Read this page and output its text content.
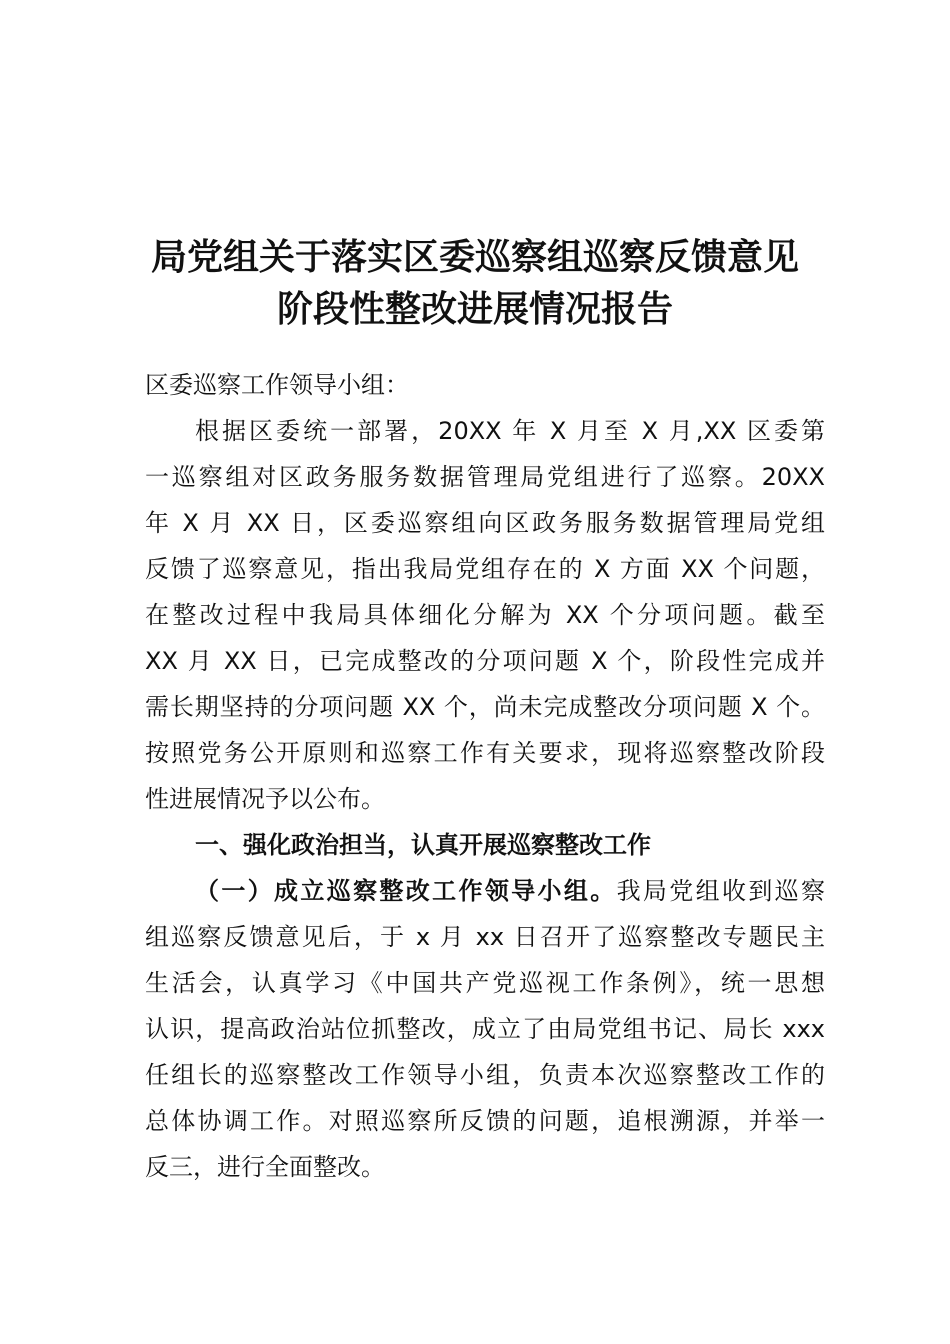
局党组关于落实区委巡察组巡察反馈意见
阶段性整改进展情况报告
区委巡察工作领导小组：
根据区委统一部署，20XX 年 X 月至 X 月,XX 区委第
一巡察组对区政务服务数据管理局党组进行了巡察。20XX
年 X 月 XX 日，区委巡察组向区政务服务数据管理局党组
反馈了巡察意见，指出我局党组存在的 X 方面 XX 个问题，
在整改过程中我局具体细化分解为 XX 个分项问题。截至
XX 月 XX 日，已完成整改的分项问题 X 个，阶段性完成并
需长期坚持的分项问题 XX 个，尚未完成整改分项问题 X 个。
按照党务公开原则和巡察工作有关要求，现将巡察整改阶段
性进展情况予以公布。
一、强化政治担当，认真开展巡察整改工作
（一）成立巡察整改工作领导小组。我局党组收到巡察
组巡察反馈意见后，于 x 月 xx 日召开了巡察整改专题民主
生活会，认真学习《中国共产党巡视工作条例》，统一思想
认识，提高政治站位抓整改，成立了由局党组书记、局长 xxx
任组长的巡察整改工作领导小组，负责本次巡察整改工作的
总体协调工作。对照巡察所反馈的问题，追根溯源，并举一
反三，进行全面整改。
